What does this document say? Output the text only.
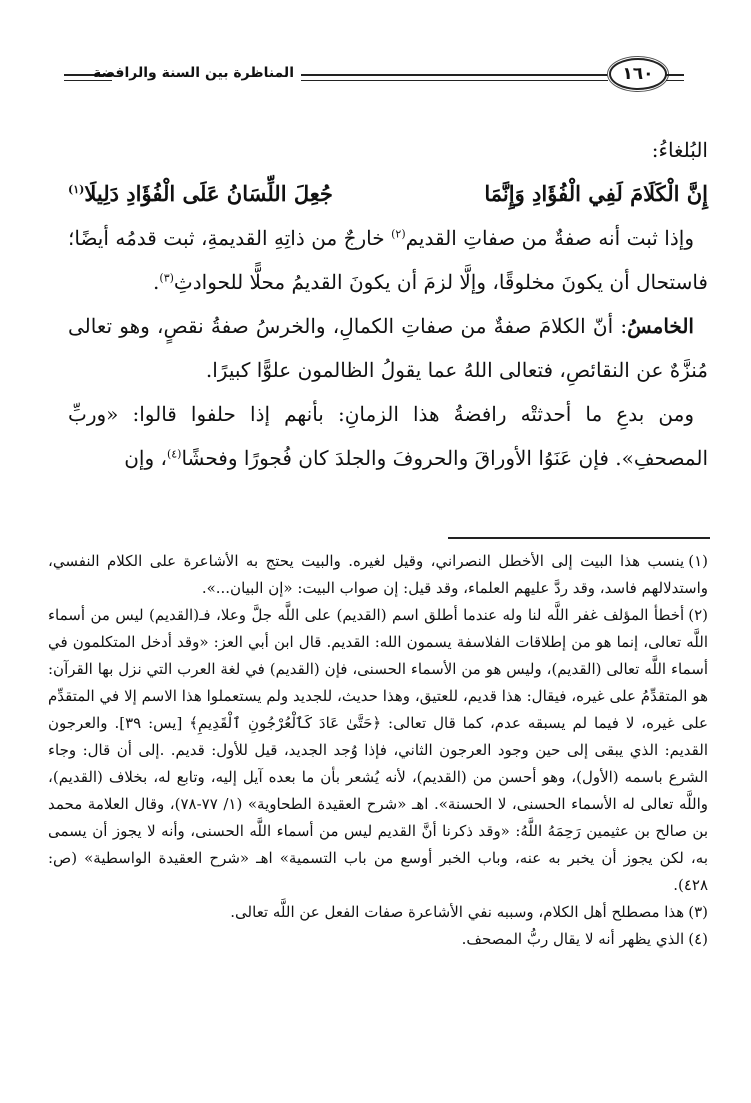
المناظرة بين السنة والرافضة	١٦٠

البُلغاءُ:

إِنَّ الْكَلَامَ لَفِي الْفُؤَادِ وَإِنَّمَا
جُعِلَ اللِّسَانُ عَلَى الْفُؤَادِ دَلِيلَا$^{(١)}$

وإذا ثبت أنه صفةٌ من صفاتِ القديم$^{(٢)}$ خارجٌ من ذاتِهِ القديمةِ، ثبت قدمُه أيضًا؛ فاستحال أن يكونَ مخلوقًا، وإلَّا لزمَ أن يكونَ القديمُ محلًّا للحوادثِ$^{(٣)}$.

الخامسُ: أنّ الكلامَ صفةٌ من صفاتِ الكمالِ، والخرسُ صفةُ نقصٍ، وهو تعالى مُنزَّهٌ عن النقائصِ، فتعالى اللهُ عما يقولُ الظالمون علوًّا كبيرًا.

ومن بدعِ ما أحدثتْه رافضةُ هذا الزمانِ: بأنهم إذا حلفوا قالوا: «وربِّ المصحفِ». فإن عَنَوُا الأوراقَ والحروفَ والجلدَ كان فُجورًا وفحشًا$^{(٤)}$، وإن

(١)ينسب هذا البيت إلى الأخطل النصراني، وقيل لغيره. والبيت يحتج به الأشاعرة على الكلام النفسي، واستدلالهم فاسد، وقد ردَّ عليهم العلماء، وقد قيل: إن صواب البيت: «إن البيان...».

(٢)أخطأ المؤلف غفر اللَّه لنا وله عندما أطلق اسم (القديم) على اللَّه جلَّ وعلا، فـ(القديم) ليس من أسماء اللَّه تعالى، إنما هو من إطلاقات الفلاسفة يسمون الله: القديم. قال ابن أبي العز: «وقد أدخل المتكلمون في أسماء اللَّه تعالى (القديم)، وليس هو من الأسماء الحسنى، فإن (القديم) في لغة العرب التي نزل بها القرآن: هو المتقدِّمُ على غيره، فيقال: هذا قديم، للعتيق، وهذا حديث، للجديد ولم يستعملوا هذا الاسم إلا في المتقدِّم على غيره، لا فيما لم يسبقه عدم، كما قال تعالى: ﴿حَتَّىٰ عَادَ كَٱلْعُرْجُونِ ٱلْقَدِيمِ﴾ [يس: ٣٩]. والعرجون القديم: الذي يبقى إلى حين وجود العرجون الثاني، فإذا وُجد الجديد، قيل للأول: قديم. .إلى أن قال: وجاء الشرع باسمه (الأول)، وهو أحسن من (القديم)، لأنه يُشعر بأن ما بعده آيل إليه، وتابع له، بخلاف (القديم)، واللَّه تعالى له الأسماء الحسنى، لا الحسنة». اهـ «شرح العقيدة الطحاوية» (١/ ٧٧-٧٨)، وقال العلامة محمد بن صالح بن عثيمين رَحِمَهُ اللَّهُ: «وقد ذكرنا أنَّ القديم ليس من أسماء اللَّه الحسنى، وأنه لا يجوز أن يسمى به، لكن يجوز أن يخبر به عنه، وباب الخبر أوسع من باب التسمية» اهـ «شرح العقيدة الواسطية» (ص: ٤٢٨).

(٣)هذا مصطلح أهل الكلام، وسببه نفي الأشاعرة صفات الفعل عن اللَّه تعالى.

(٤)الذي يظهر أنه لا يقال ربُّ المصحف.
